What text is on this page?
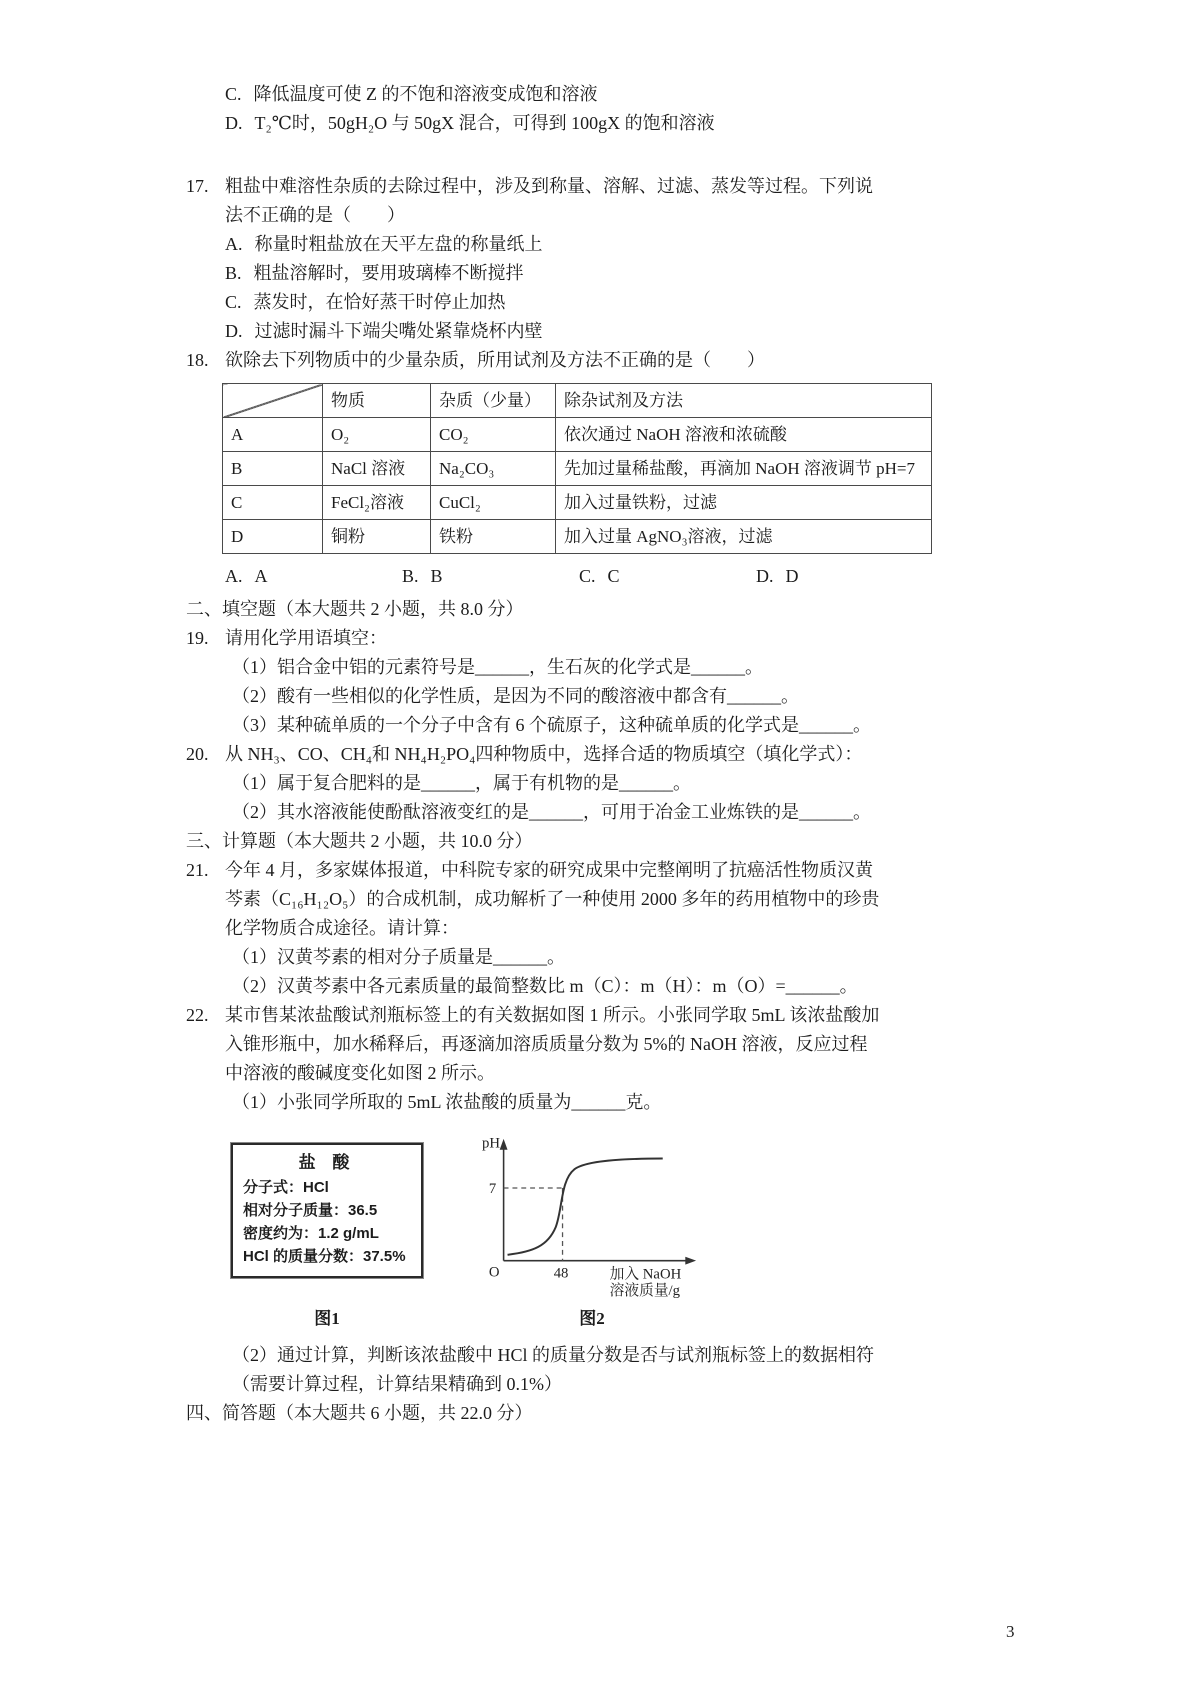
C. 降低温度可使 Z 的不饱和溶液变成饱和溶液
D. T₂℃时，50gH₂O 与 50gX 混合，可得到 100gX 的饱和溶液
17. 粗盐中难溶性杂质的去除过程中，涉及到称量、溶解、过滤、蒸发等过程。下列说
法不正确的是（　　）
A. 称量时粗盐放在天平左盘的称量纸上
B. 粗盐溶解时，要用玻璃棒不断搅拌
C. 蒸发时，在恰好蒸干时停止加热
D. 过滤时漏斗下端尖嘴处紧靠烧杯内壁
18. 欲除去下列物质中的少量杂质，所用试剂及方法不正确的是（　　）
	物质	杂质（少量）	除杂试剂及方法
A	O₂	CO₂	依次通过 NaOH 溶液和浓硫酸
B	NaCl 溶液	Na₂CO₃	先加过量稀盐酸，再滴加 NaOH 溶液调节 pH=7
C	FeCl₂溶液	CuCl₂	加入过量铁粉，过滤
D	铜粉	铁粉	加入过量 AgNO₃溶液，过滤
A. A	B. B	C. C	D. D
二、填空题（本大题共 2 小题，共 8.0 分）
19. 请用化学用语填空：
（1）铝合金中铝的元素符号是______，生石灰的化学式是______。
（2）酸有一些相似的化学性质，是因为不同的酸溶液中都含有______。
（3）某种硫单质的一个分子中含有 6 个硫原子，这种硫单质的化学式是______。
20. 从 NH₃、CO、CH₄和 NH₄H₂PO₄四种物质中，选择合适的物质填空（填化学式）：
（1）属于复合肥料的是______，属于有机物的是______。
（2）其水溶液能使酚酞溶液变红的是______，可用于冶金工业炼铁的是______。
三、计算题（本大题共 2 小题，共 10.0 分）
21. 今年 4 月，多家媒体报道，中科院专家的研究成果中完整阐明了抗癌活性物质汉黄
芩素（C₁₆H₁₂O₅）的合成机制，成功解析了一种使用 2000 多年的药用植物中的珍贵
化学物质合成途径。请计算：
（1）汉黄芩素的相对分子质量是______。
（2）汉黄芩素中各元素质量的最简整数比 m（C）：m（H）：m（O）=______。
22. 某市售某浓盐酸试剂瓶标签上的有关数据如图 1 所示。小张同学取 5mL 该浓盐酸加
入锥形瓶中，加水稀释后，再逐滴加溶质质量分数为 5%的 NaOH 溶液，反应过程
中溶液的酸碱度变化如图 2 所示。
（1）小张同学所取的 5mL 浓盐酸的质量为______克。
盐 酸
分子式：HCl
相对分子质量：36.5
密度约为：1.2 g/mL
HCl 的质量分数：37.5%
图1
pH
7
O	48	加入 NaOH
溶液质量/g
图2
（2）通过计算，判断该浓盐酸中 HCl 的质量分数是否与试剂瓶标签上的数据相符
（需要计算过程，计算结果精确到 0.1%）
四、简答题（本大题共 6 小题，共 22.0 分）
3
